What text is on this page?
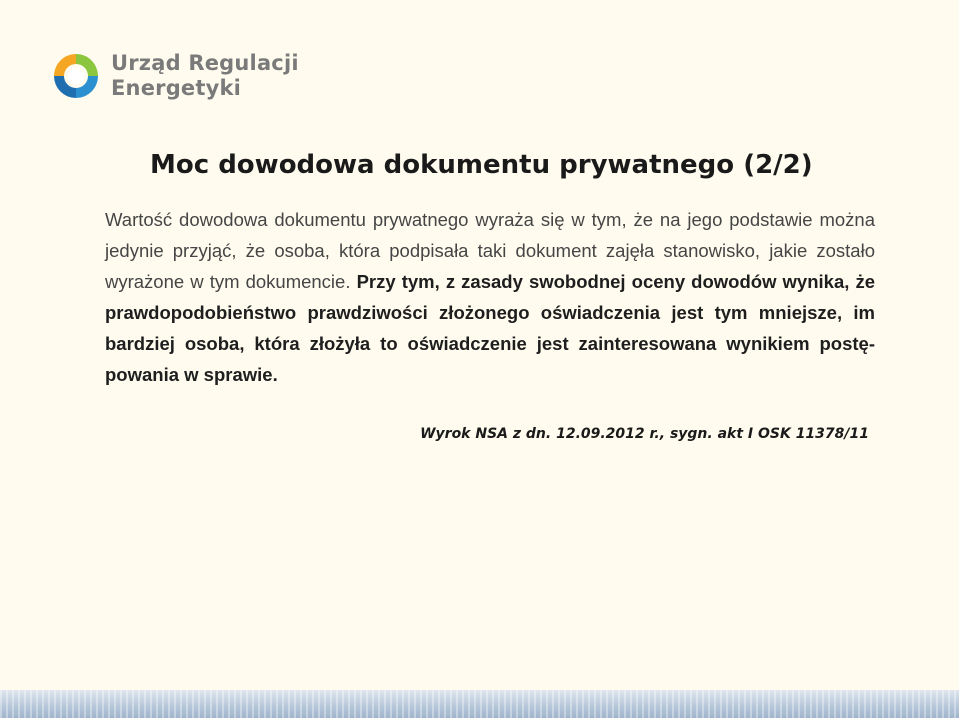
Urząd Regulacji
Energetyki
Moc dowodowa dokumentu prywatnego (2/2)

Wartość dowodowa dokumentu prywatnego wyraża się w tym, że na jego podstawie można jedynie przyjąć, że osoba, która podpisała taki dokument zajęła stanowisko, jakie zostało wyrażone w tym dokumencie. Przy tym, z zasady swobodnej oceny dowodów wynika, że prawdopodobieństwo prawdziwości złożonego oświadczenia jest tym mniejsze, im bardziej osoba, która złożyła to oświadczenie jest zainteresowana wynikiem postępowania w sprawie.

Wyrok NSA z dn. 12.09.2012 r., sygn. akt I OSK 11378/11
